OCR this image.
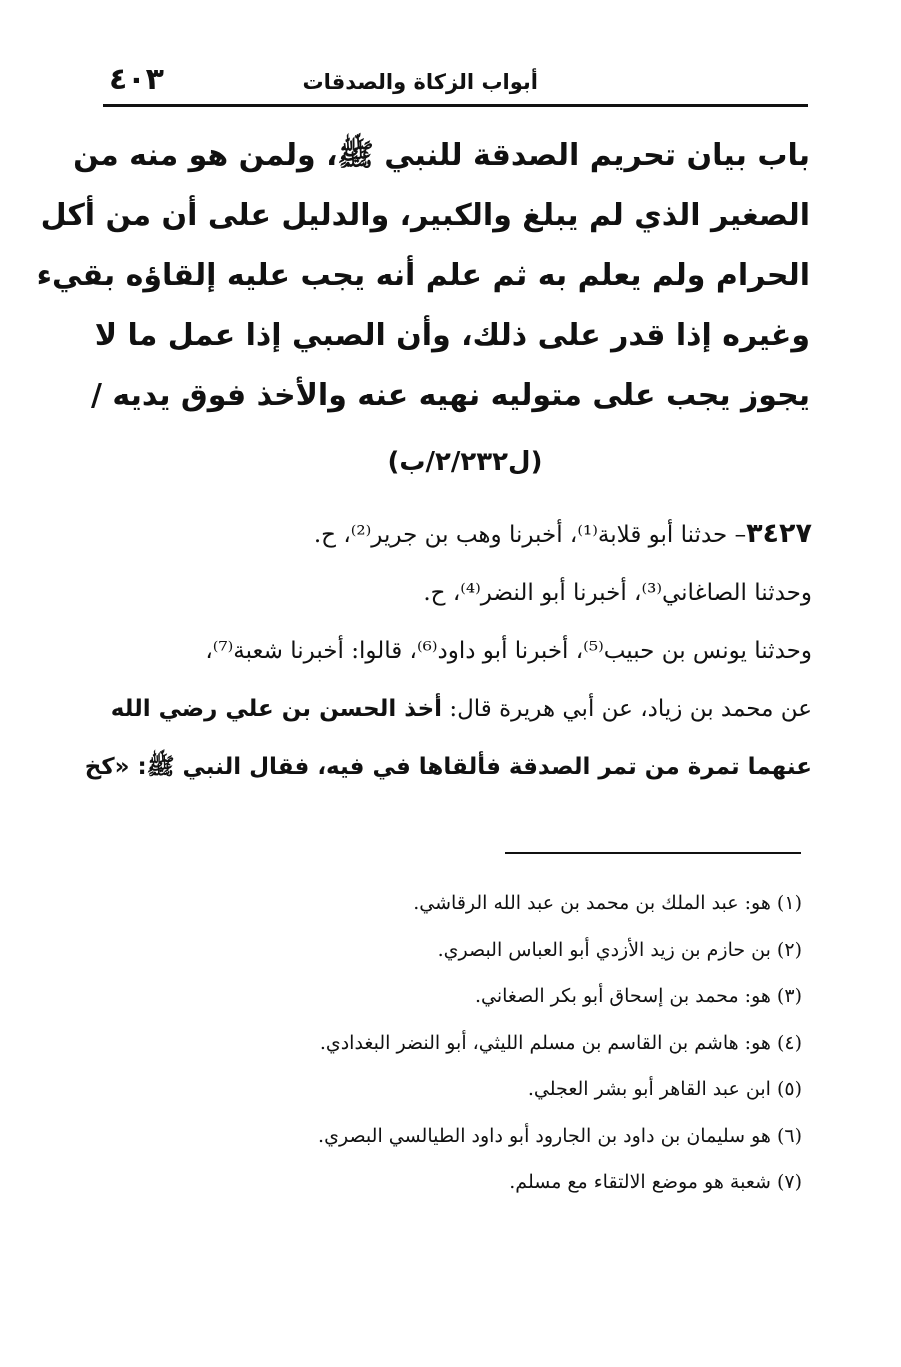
أبواب الزكاة والصدقات
٤٠٣
باب بيان تحريم الصدقة للنبي ﷺ، ولمن هو منه من
الصغير الذي لم يبلغ والكبير، والدليل على أن من أكل
الحرام ولم يعلم به ثم علم أنه يجب عليه إلقاؤه بقيء
وغيره إذا قدر على ذلك، وأن الصبي إذا عمل ما لا
يجوز يجب على متوليه نهيه عنه والأخذ فوق يديه /
(ل٢/٢٣٢/ب)
٣٤٢٧– حدثنا أبو قلابة⁽¹⁾، أخبرنا وهب بن جرير⁽²⁾، ح.
وحدثنا الصاغاني⁽³⁾، أخبرنا أبو النضر⁽⁴⁾، ح.
وحدثنا يونس بن حبيب⁽⁵⁾، أخبرنا أبو داود⁽⁶⁾، قالوا: أخبرنا شعبة⁽⁷⁾،
عن محمد بن زياد، عن أبي هريرة قال: أخذ الحسن بن علي رضي الله
عنهما تمرة من تمر الصدقة فألقاها في فيه، فقال النبي ﷺ: «كخ
(١) هو: عبد الملك بن محمد بن عبد الله الرقاشي.
(٢) بن حازم بن زيد الأزدي أبو العباس البصري.
(٣) هو: محمد بن إسحاق أبو بكر الصغاني.
(٤) هو: هاشم بن القاسم بن مسلم الليثي، أبو النضر البغدادي.
(٥) ابن عبد القاهر أبو بشر العجلي.
(٦) هو سليمان بن داود بن الجارود أبو داود الطيالسي البصري.
(٧) شعبة هو موضع الالتقاء مع مسلم.
